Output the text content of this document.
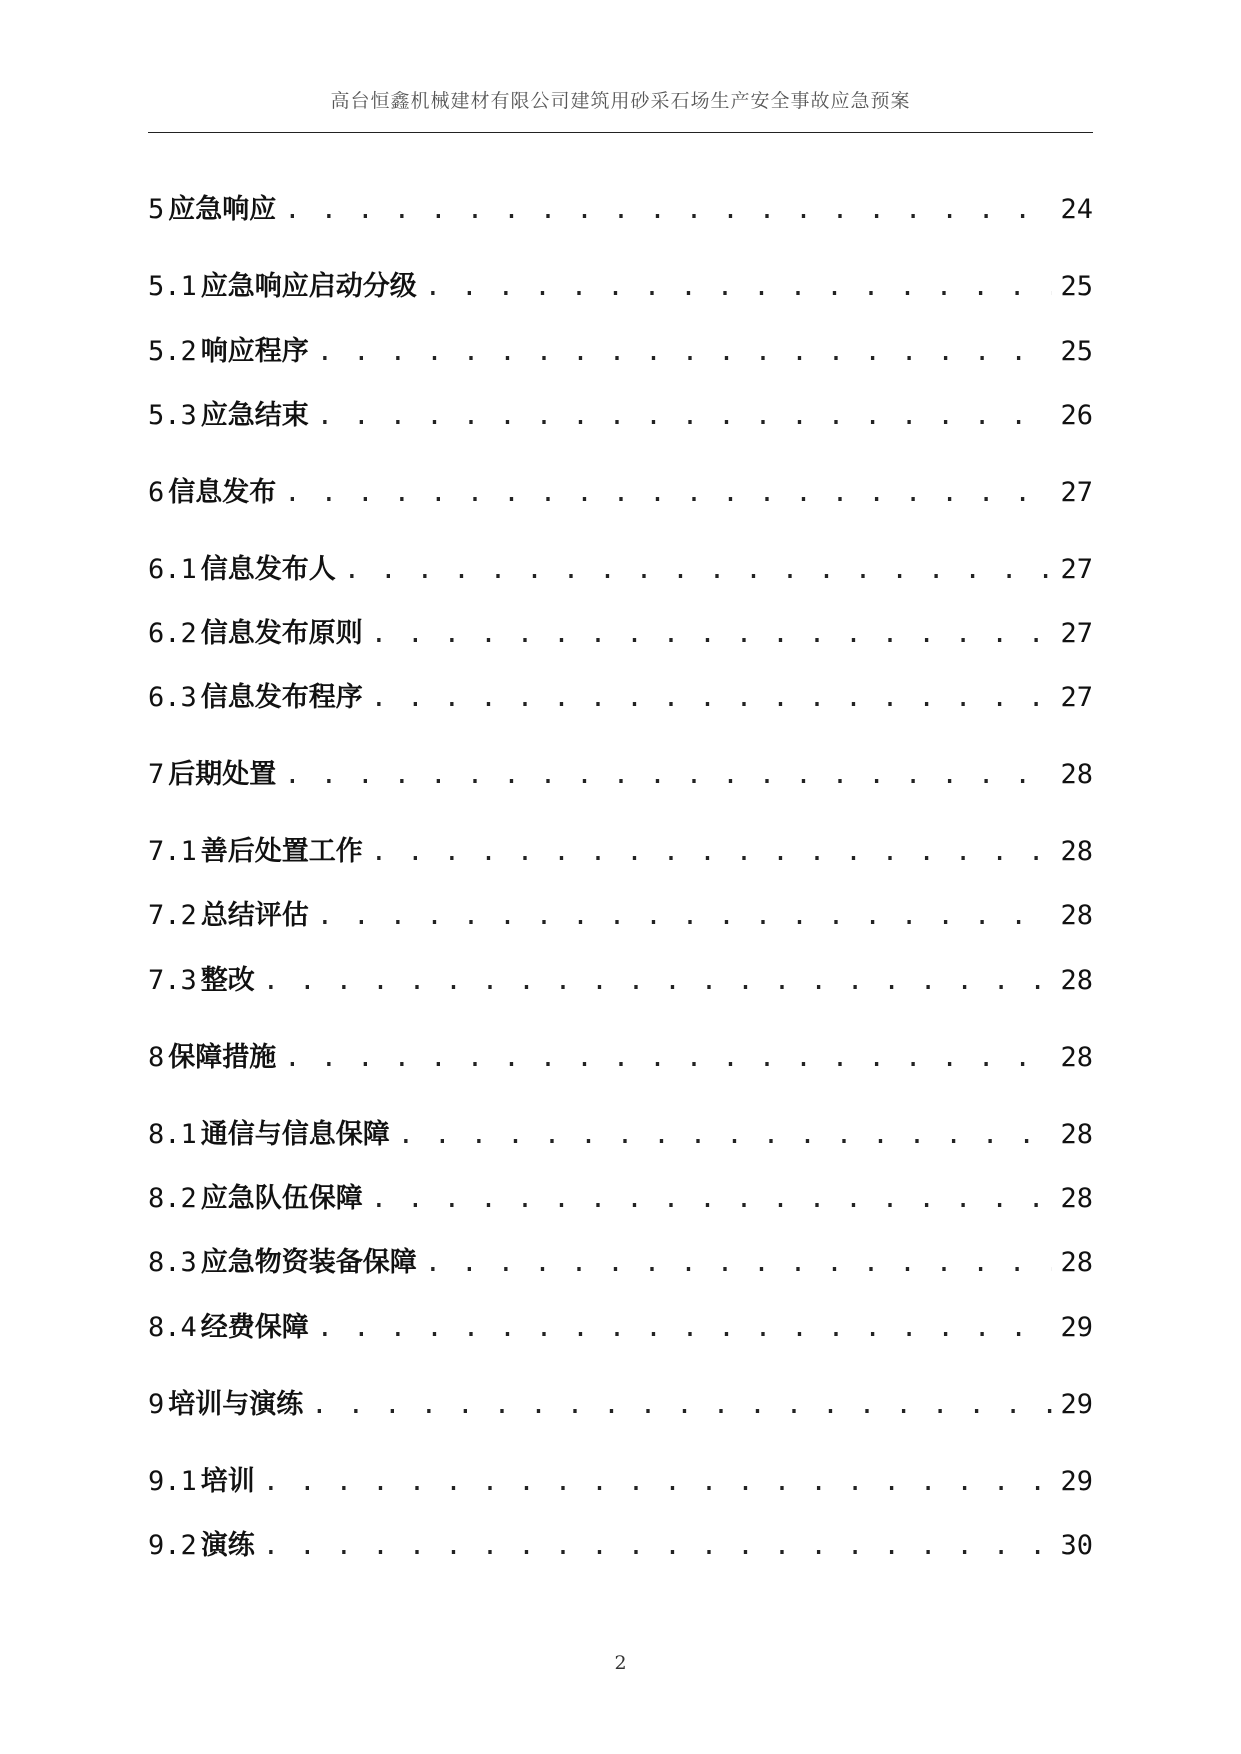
高台恒鑫机械建材有限公司建筑用砂采石场生产安全事故应急预案
5 应急响应 . . .	24
5.1 应急响应启动分级 . . .	25
5.2 响应程序 . . .	25
5.3 应急结束 . . .	26
6 信息发布 . . .	27
6.1 信息发布人 . . .	27
6.2 信息发布原则 . . .	27
6.3 信息发布程序 . . .	27
7 后期处置 . . .	28
7.1 善后处置工作 . . .	28
7.2 总结评估 . . .	28
7.3 整改 . . .	28
8 保障措施 . . .	28
8.1 通信与信息保障 . . .	28
8.2 应急队伍保障 . . .	28
8.3 应急物资装备保障 . . .	28
8.4 经费保障 . . .	29
9 培训与演练 . . .	29
9.1 培训 . . .	29
9.2 演练 . . .	30
2
